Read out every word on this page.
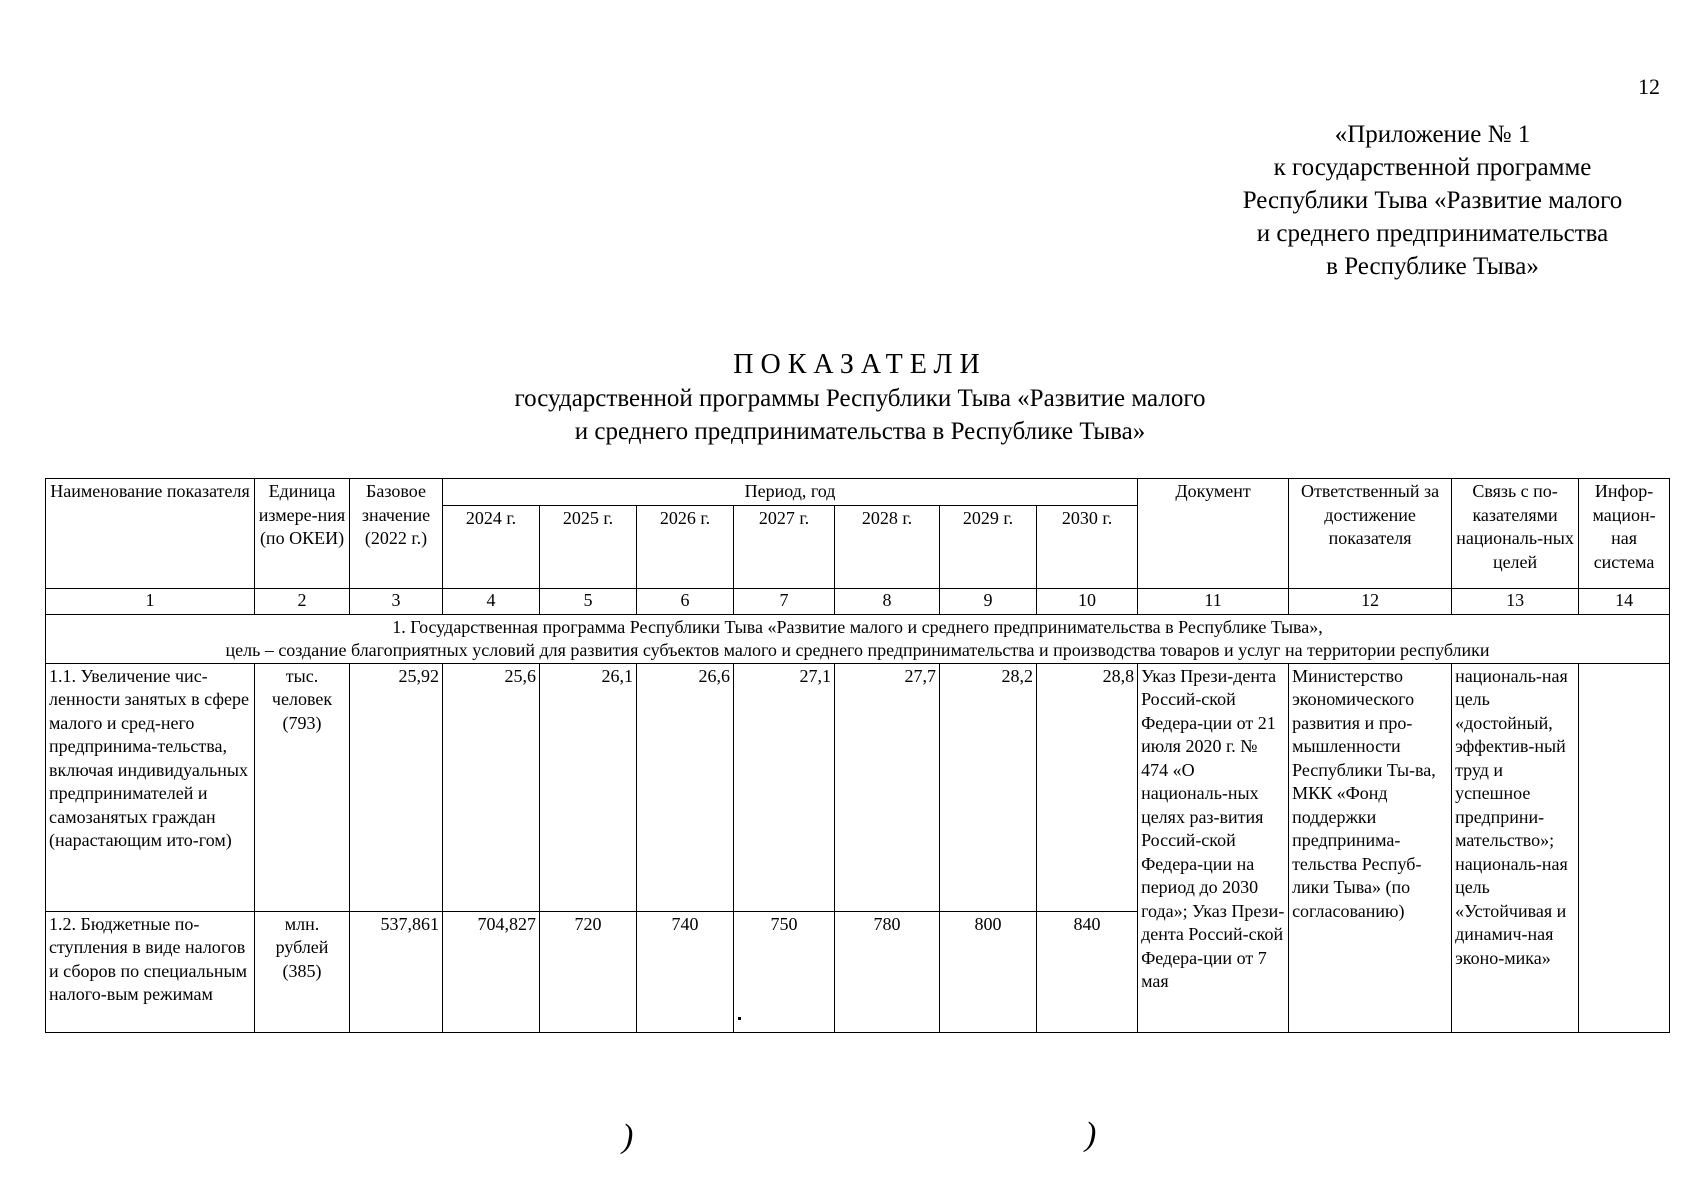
12
«Приложение № 1
к государственной программе
Республики Тыва «Развитие малого
и среднего предпринимательства
в Республике Тыва»
ПОКАЗАТЕЛИ
государственной программы Республики Тыва «Развитие малого
и среднего предпринимательства в Республике Тыва»
Наименование показателя	Единица измере-ния (по ОКЕИ)	Базовое значение (2022 г.)	Период, год							Документ	Ответственный за достижение показателя	Связь с по-казателями националь-ных целей	Инфор-мацион-ная система
			2024 г.	2025 г.	2026 г.	2027 г.	2028 г.	2029 г.	2030 г.				
1	2	3	4	5	6	7	8	9	10	11	12	13	14

1. Государственная программа Республики Тыва «Развитие малого и среднего предпринимательства в Республике Тыва»,
цель – создание благоприятных условий для развития субъектов малого и среднего предпринимательства и производства товаров и услуг на территории республики													

1.1. Увеличение чис-ленности занятых в сфере малого и сред-него предпринима-тельства, включая индивидуальных предпринимателей и самозанятых граждан (нарастающим ито-гом)	тыс. человек (793)	25,92	25,6	26,1	26,6	27,1	27,7	28,2	28,8	Указ Прези-дента Россий-ской Федера-ции от 21 июля 2020 г. № 474 «О националь-ных целях раз-вития Россий-ской Федера-ции на период до 2030 года»; Указ Прези-дента Россий-ской Федера-ции от 7 мая	Министерство экономического развития и про-мышленности Республики Ты-ва, МКК «Фонд поддержки предпринима-тельства Респуб-лики Тыва» (по согласованию)	националь-ная цель «достойный, эффектив-ный труд и успешное предприни-мательство»; националь-ная цель «Устойчивая и динамич-ная эконо-мика»	
1.2. Бюджетные по-ступления в виде налогов и сборов по специальным налого-вым режимам	млн. рублей (385)	537,861	704,827	720	740	750	780	800	840				
)	)
